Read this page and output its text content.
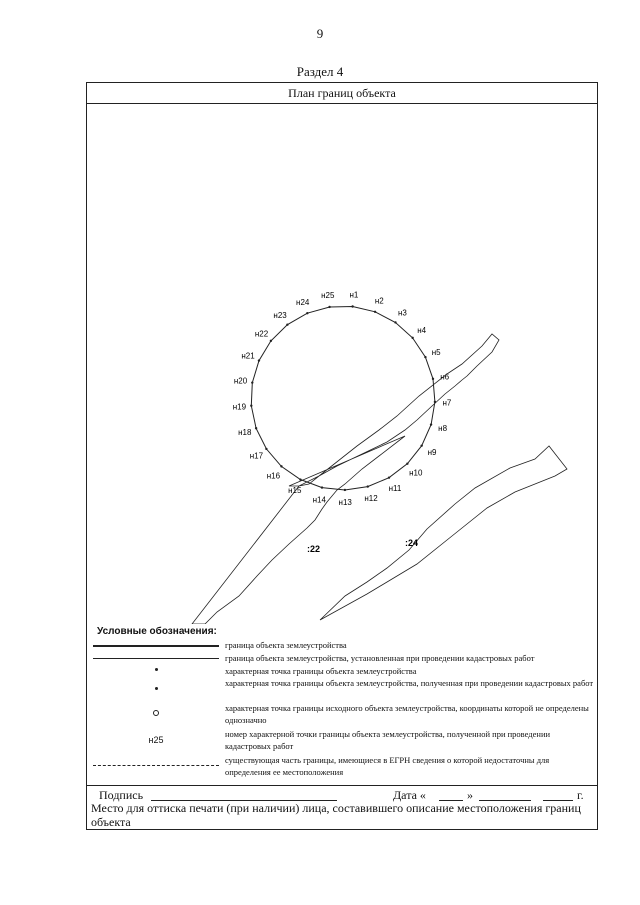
9
Раздел 4
План границ объекта
н1
н2
н3
н4
н5
н6
н7
н8
н9
н10
н11
н12
н13
н14
н15
н16
н17
н18
н19
н20
н21
н22
н23
н24
н25
:22
:24
Условные обозначения:
граница объекта землеустройства
граница объекта землеустройства, установленная при проведении кадастровых работ
характерная точка границы объекта землеустройства
характерная точка границы объекта землеустройства, полученная при проведении кадастровых работ
характерная точка границы исходного объекта землеустройства, координаты которой не определены однозначно
н25
номер характерной точки границы объекта землеустройства, полученной при проведении кадастровых работ
существующая часть границы, имеющиеся в ЕГРН сведения о которой недостаточны для определения ее местоположения
Подпись	Дата «	»	г.
Место для оттиска печати (при наличии) лица, составившего описание местоположения границ объекта
